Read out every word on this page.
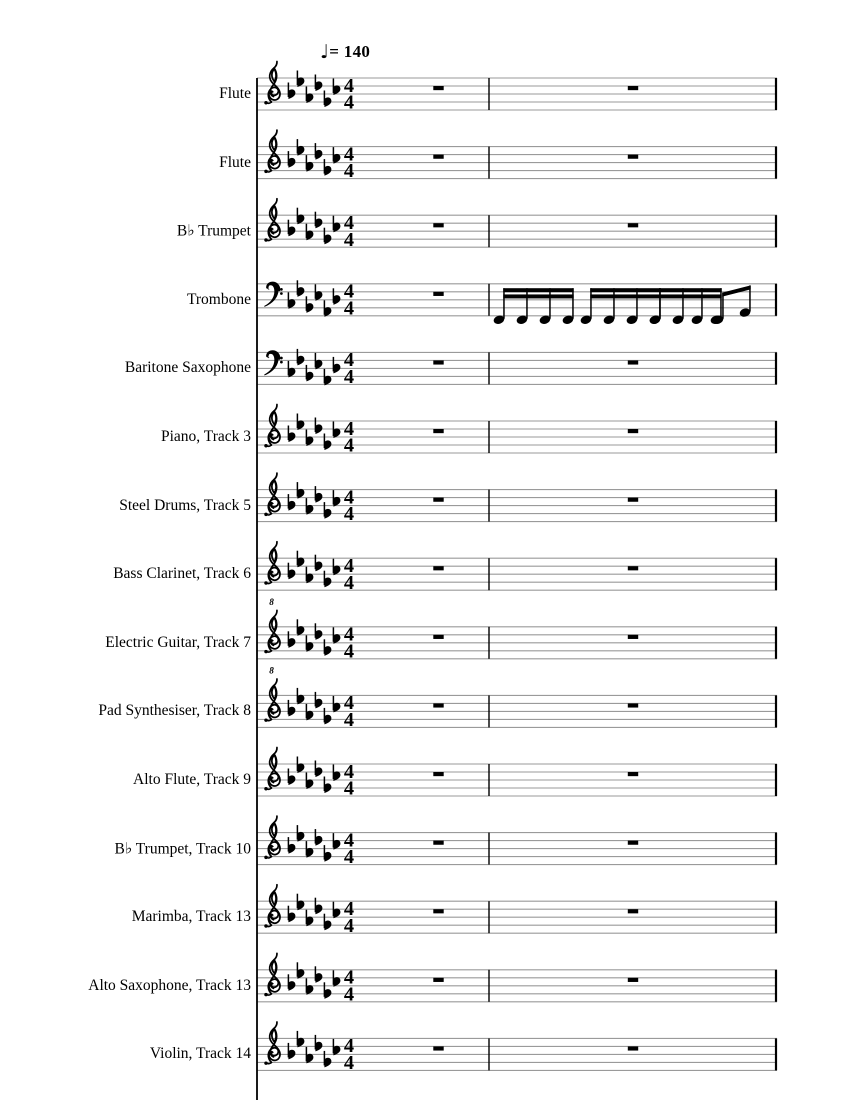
♩= 140
Flute
Flute
B♭ Trumpet
Trombone
Baritone Saxophone
Piano, Track 3
Steel Drums, Track 5
Bass Clarinet, Track 6
Electric Guitar, Track 7
Pad Synthesiser, Track 8
Alto Flute, Track 9
B♭ Trumpet, Track 10
Marimba, Track 13
Alto Saxophone, Track 13
Violin, Track 14
4
4
4
4
4
4
4
4
4
4
4
4
4
4
8
4
4
8
4
4
4
4
4
4
4
4
4
4
4
4
4
4
